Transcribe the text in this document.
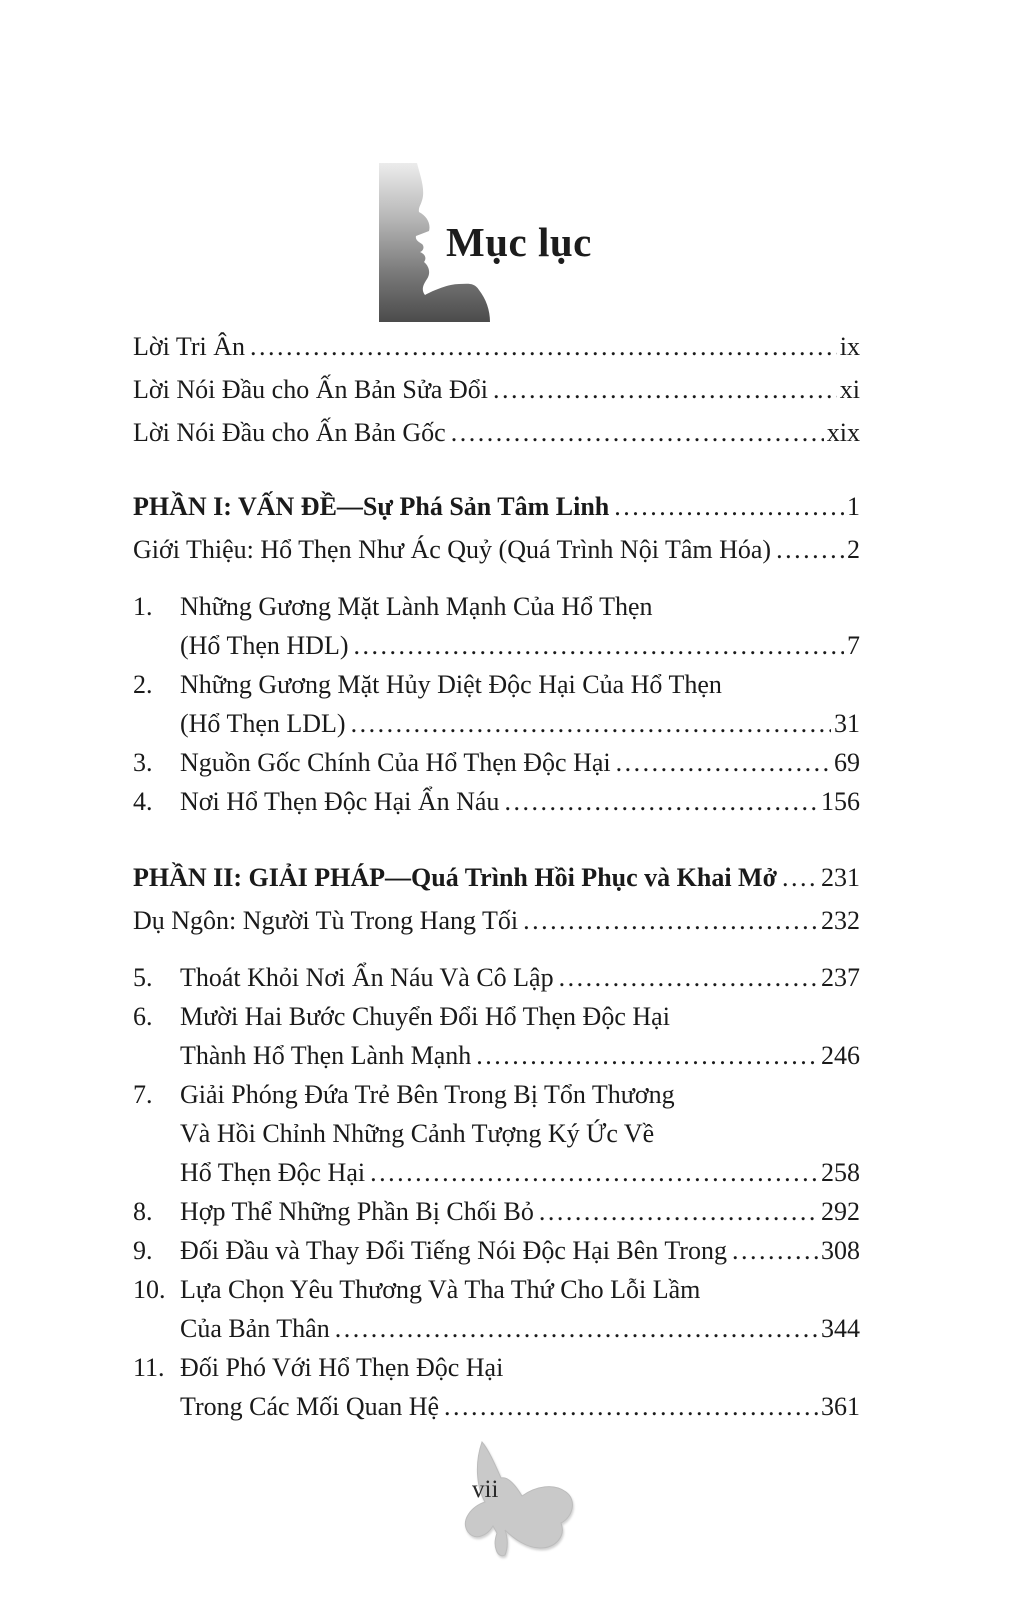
Mục lục
Lời Tri Ân .....	ix
Lời Nói Đầu cho Ấn Bản Sửa Đổi .....	xi
Lời Nói Đầu cho Ấn Bản Gốc .....	xix
PHẦN I: VẤN ĐỀ—Sự Phá Sản Tâm Linh .....	1
Giới Thiệu: Hổ Thẹn Như Ác Quỷ (Quá Trình Nội Tâm Hóa) .....	2
1.	Những Gương Mặt Lành Mạnh Của Hổ Thẹn
(Hổ Thẹn HDL) .....	7
2.	Những Gương Mặt Hủy Diệt Độc Hại Của Hổ Thẹn
(Hổ Thẹn LDL) .....	31
3.	Nguồn Gốc Chính Của Hổ Thẹn Độc Hại .....	69
4.	Nơi Hổ Thẹn Độc Hại Ẩn Náu .....	156
PHẦN II: GIẢI PHÁP—Quá Trình Hồi Phục và Khai Mở ..... 231
Dụ Ngôn: Người Tù Trong Hang Tối .....	232
5.	Thoát Khỏi Nơi Ẩn Náu Và Cô Lập .....	237
6.	Mười Hai Bước Chuyển Đổi Hổ Thẹn Độc Hại
Thành Hổ Thẹn Lành Mạnh .....	246
7.	Giải Phóng Đứa Trẻ Bên Trong Bị Tổn Thương
Và Hồi Chỉnh Những Cảnh Tượng Ký Ức Về
Hổ Thẹn Độc Hại .....	258
8.	Hợp Thể Những Phần Bị Chối Bỏ .....	292
9.	Đối Đầu và Thay Đổi Tiếng Nói Độc Hại Bên Trong .....	308
10. Lựa Chọn Yêu Thương Và Tha Thứ Cho Lỗi Lầm
Của Bản Thân .....	344
11. Đối Phó Với Hổ Thẹn Độc Hại
Trong Các Mối Quan Hệ .....	361
vii
